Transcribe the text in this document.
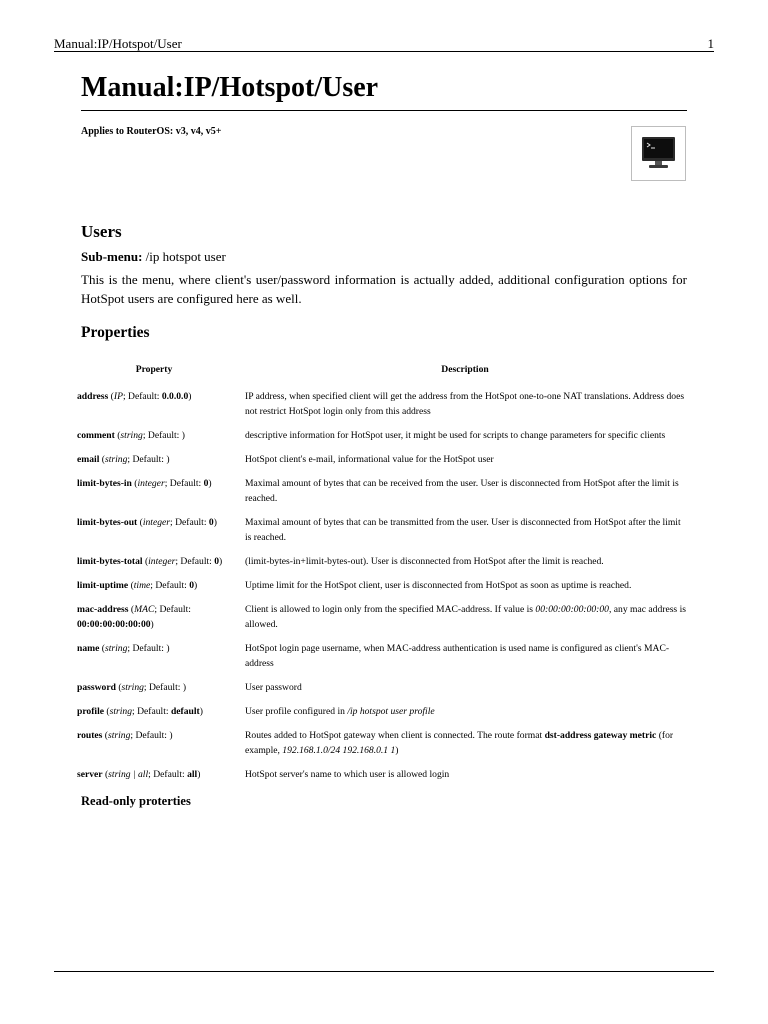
Manual:IP/Hotspot/User	1
Manual:IP/Hotspot/User
Applies to RouterOS: v3, v4, v5+
Users
Sub-menu: /ip hotspot user

This is the menu, where client's user/password information is actually added, additional configuration options for HotSpot users are configured here as well.

Properties
Property	Description
address (IP; Default: 0.0.0.0)	IP address, when specified client will get the address from the HotSpot one-to-one NAT translations. Address does not restrict HotSpot login only from this address
comment (string; Default: )	descriptive information for HotSpot user, it might be used for scripts to change parameters for specific clients
email (string; Default: )	HotSpot client's e-mail, informational value for the HotSpot user
limit-bytes-in (integer; Default: 0)	Maximal amount of bytes that can be received from the user. User is disconnected from HotSpot after the limit is reached.
limit-bytes-out (integer; Default: 0)	Maximal amount of bytes that can be transmitted from the user. User is disconnected from HotSpot after the limit is reached.
limit-bytes-total (integer; Default: 0)	(limit-bytes-in+limit-bytes-out). User is disconnected from HotSpot after the limit is reached.
limit-uptime (time; Default: 0)	Uptime limit for the HotSpot client, user is disconnected from HotSpot as soon as uptime is reached.
mac-address (MAC; Default: 00:00:00:00:00:00)	Client is allowed to login only from the specified MAC-address. If value is 00:00:00:00:00:00, any mac address is allowed.
name (string; Default: )	HotSpot login page username, when MAC-address authentication is used name is configured as client's MAC-address
password (string; Default: )	User password
profile (string; Default: default)	User profile configured in /ip hotspot user profile
routes (string; Default: )	Routes added to HotSpot gateway when client is connected. The route format dst-address gateway metric (for example, 192.168.1.0/24 192.168.0.1 1)
server (string | all; Default: all)	HotSpot server's name to which user is allowed login
Read-only proterties
